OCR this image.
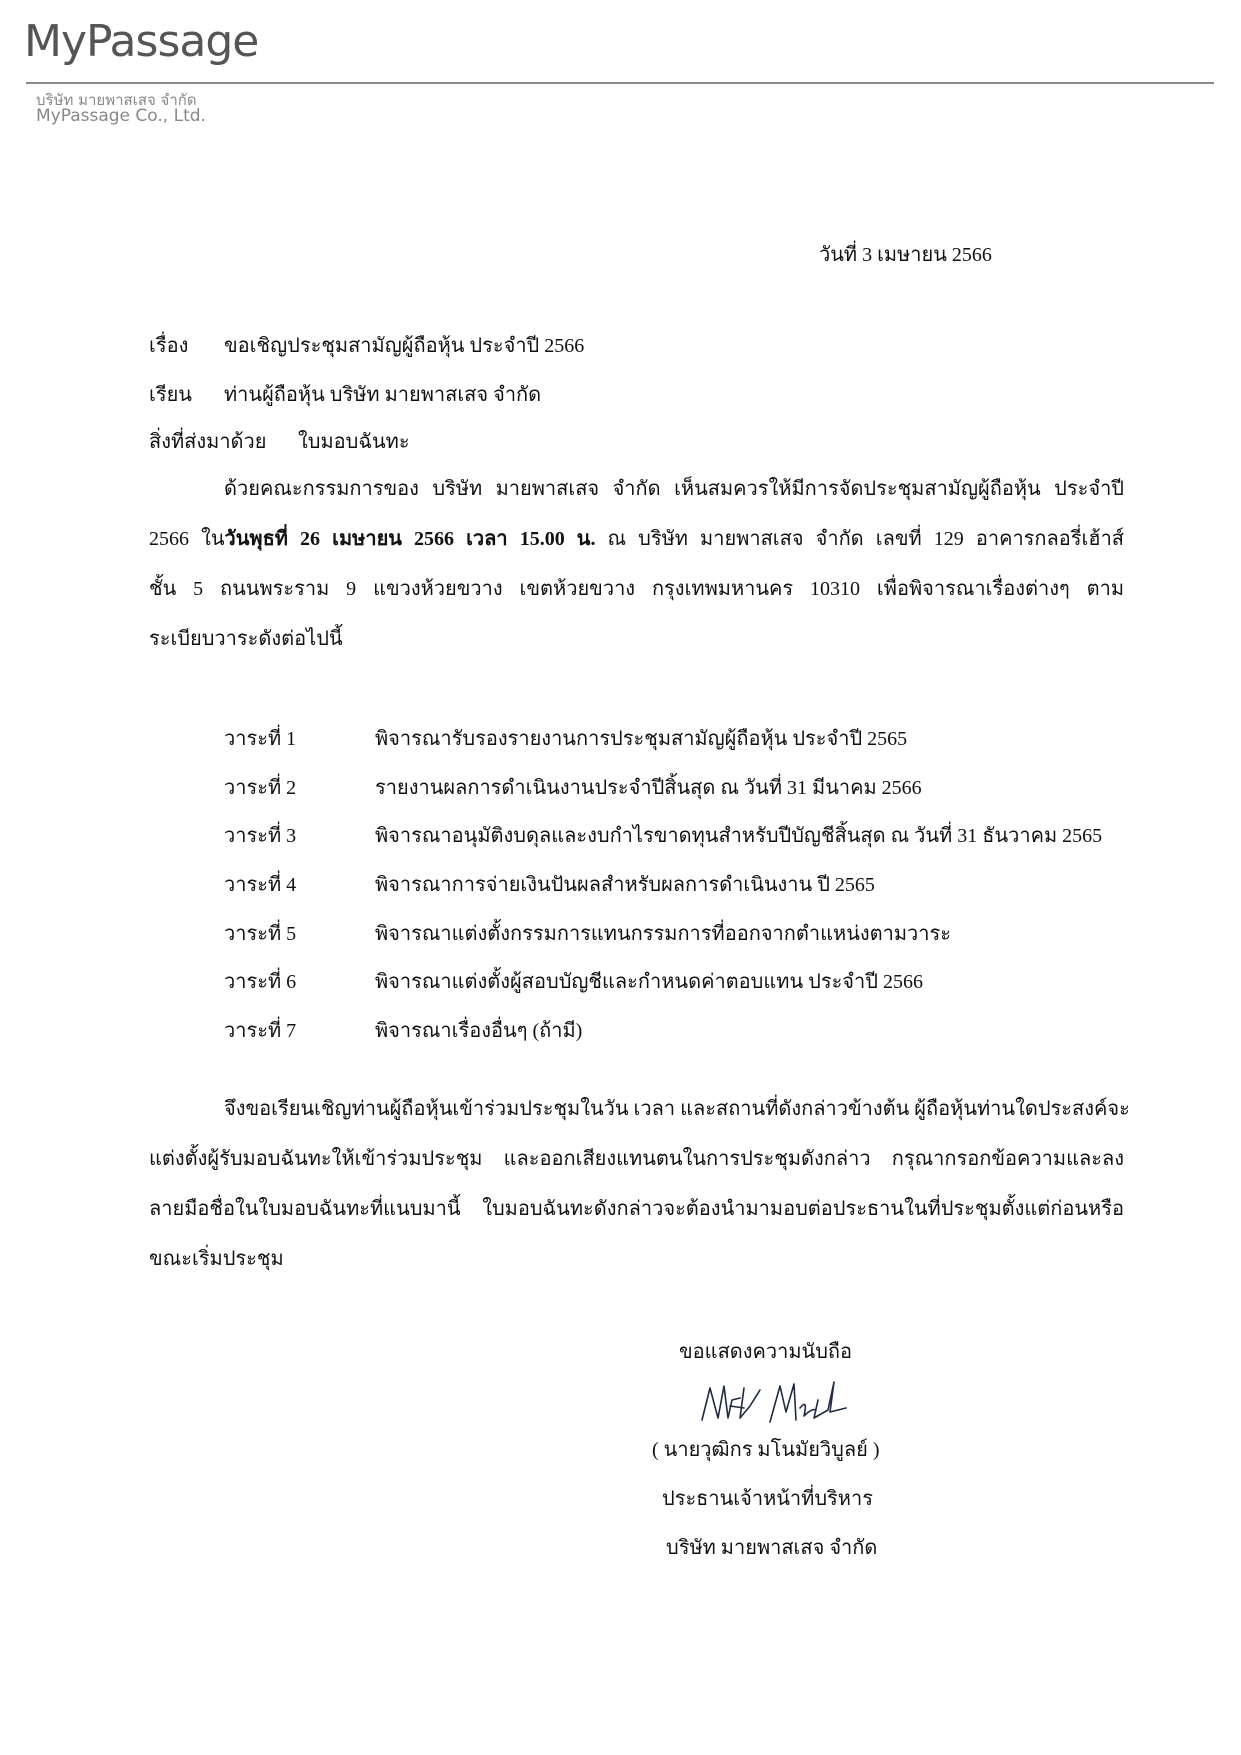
MyPassage
บริษัท มายพาสเสจ จำกัด
MyPassage Co., Ltd.
วันที่ 3 เมษายน 2566
เรื่อง ขอเชิญประชุมสามัญผู้ถือหุ้น ประจำปี 2566
เรียน ท่านผู้ถือหุ้น บริษัท มายพาสเสจ จำกัด
สิ่งที่ส่งมาด้วย ใบมอบฉันทะ

ด้วยคณะกรรมการของ บริษัท มายพาสเสจ จำกัด เห็นสมควรให้มีการจัดประชุมสามัญผู้ถือหุ้น ประจำปี

2566 ในวันพุธที่ 26 เมษายน 2566 เวลา 15.00 น. ณ บริษัท มายพาสเสจ จำกัด เลขที่ 129 อาคารกลอรี่เฮ้าส์

ชั้น 5 ถนนพระราม 9 แขวงห้วยขวาง เขตห้วยขวาง กรุงเทพมหานคร 10310 เพื่อพิจารณาเรื่องต่างๆ ตาม

ระเบียบวาระดังต่อไปนี้

วาระที่ 1	พิจารณารับรองรายงานการประชุมสามัญผู้ถือหุ้น ประจำปี 2565
วาระที่ 2	รายงานผลการดำเนินงานประจำปีสิ้นสุด ณ วันที่ 31 มีนาคม 2566
วาระที่ 3	พิจารณาอนุมัติงบดุลและงบกำไรขาดทุนสำหรับปีบัญชีสิ้นสุด ณ วันที่ 31 ธันวาคม 2565
วาระที่ 4	พิจารณาการจ่ายเงินปันผลสำหรับผลการดำเนินงาน ปี 2565
วาระที่ 5	พิจารณาแต่งตั้งกรรมการแทนกรรมการที่ออกจากตำแหน่งตามวาระ
วาระที่ 6	พิจารณาแต่งตั้งผู้สอบบัญชีและกำหนดค่าตอบแทน ประจำปี 2566
วาระที่ 7	พิจารณาเรื่องอื่นๆ (ถ้ามี)

จึงขอเรียนเชิญท่านผู้ถือหุ้นเข้าร่วมประชุมในวัน เวลา และสถานที่ดังกล่าวข้างต้น ผู้ถือหุ้นท่านใดประสงค์จะ

แต่งตั้งผู้รับมอบฉันทะให้เข้าร่วมประชุม และออกเสียงแทนตนในการประชุมดังกล่าว กรุณากรอกข้อความและลง

ลายมือชื่อในใบมอบฉันทะที่แนบมานี้ ใบมอบฉันทะดังกล่าวจะต้องนำมามอบต่อประธานในที่ประชุมตั้งแต่ก่อนหรือ

ขณะเริ่มประชุม

ขอแสดงความนับถือ
( นายวุฒิกร มโนมัยวิบูลย์ )
ประธานเจ้าหน้าที่บริหาร
บริษัท มายพาสเสจ จำกัด
